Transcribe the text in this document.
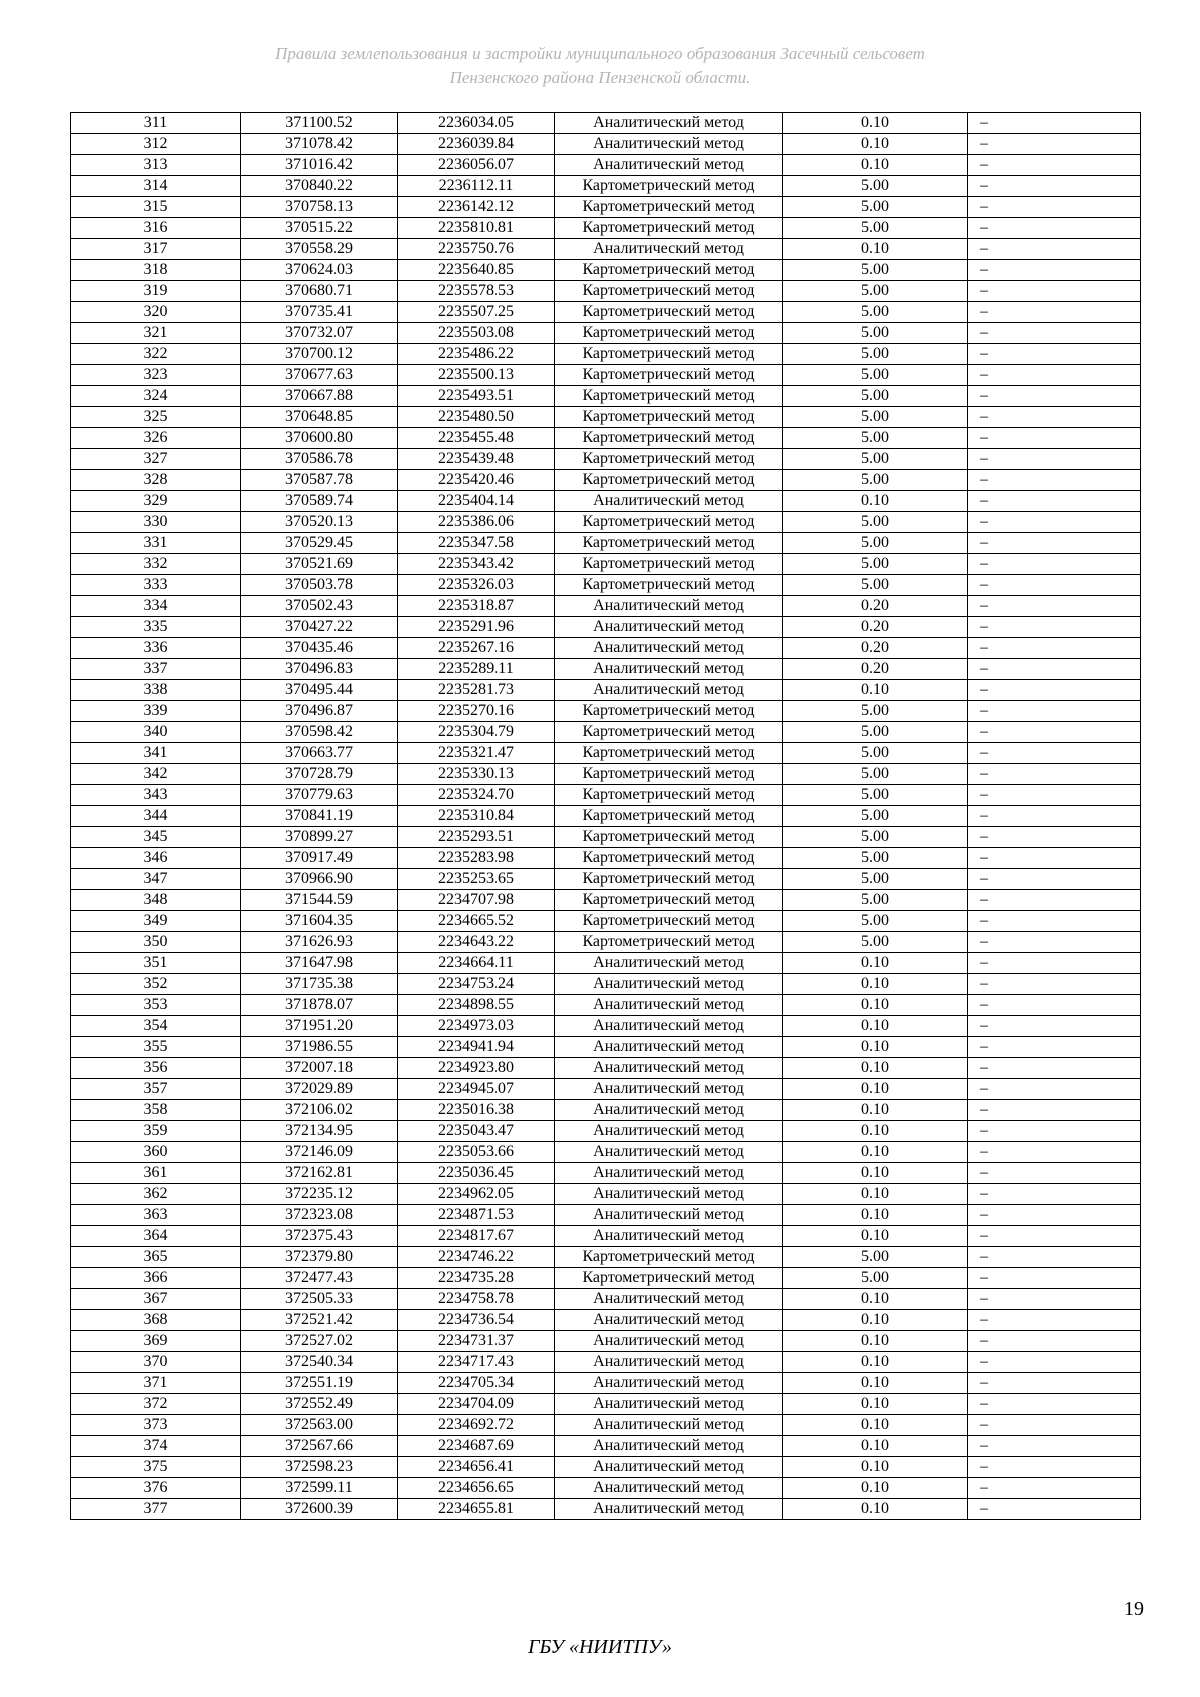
Правила землепользования и застройки муниципального образования Засечный сельсовет
Пензенского района Пензенской области.
311	371100.52	2236034.05	Аналитический метод	0.10	–
312	371078.42	2236039.84	Аналитический метод	0.10	–
313	371016.42	2236056.07	Аналитический метод	0.10	–
314	370840.22	2236112.11	Картометрический метод	5.00	–
315	370758.13	2236142.12	Картометрический метод	5.00	–
316	370515.22	2235810.81	Картометрический метод	5.00	–
317	370558.29	2235750.76	Аналитический метод	0.10	–
318	370624.03	2235640.85	Картометрический метод	5.00	–
319	370680.71	2235578.53	Картометрический метод	5.00	–
320	370735.41	2235507.25	Картометрический метод	5.00	–
321	370732.07	2235503.08	Картометрический метод	5.00	–
322	370700.12	2235486.22	Картометрический метод	5.00	–
323	370677.63	2235500.13	Картометрический метод	5.00	–
324	370667.88	2235493.51	Картометрический метод	5.00	–
325	370648.85	2235480.50	Картометрический метод	5.00	–
326	370600.80	2235455.48	Картометрический метод	5.00	–
327	370586.78	2235439.48	Картометрический метод	5.00	–
328	370587.78	2235420.46	Картометрический метод	5.00	–
329	370589.74	2235404.14	Аналитический метод	0.10	–
330	370520.13	2235386.06	Картометрический метод	5.00	–
331	370529.45	2235347.58	Картометрический метод	5.00	–
332	370521.69	2235343.42	Картометрический метод	5.00	–
333	370503.78	2235326.03	Картометрический метод	5.00	–
334	370502.43	2235318.87	Аналитический метод	0.20	–
335	370427.22	2235291.96	Аналитический метод	0.20	–
336	370435.46	2235267.16	Аналитический метод	0.20	–
337	370496.83	2235289.11	Аналитический метод	0.20	–
338	370495.44	2235281.73	Аналитический метод	0.10	–
339	370496.87	2235270.16	Картометрический метод	5.00	–
340	370598.42	2235304.79	Картометрический метод	5.00	–
341	370663.77	2235321.47	Картометрический метод	5.00	–
342	370728.79	2235330.13	Картометрический метод	5.00	–
343	370779.63	2235324.70	Картометрический метод	5.00	–
344	370841.19	2235310.84	Картометрический метод	5.00	–
345	370899.27	2235293.51	Картометрический метод	5.00	–
346	370917.49	2235283.98	Картометрический метод	5.00	–
347	370966.90	2235253.65	Картометрический метод	5.00	–
348	371544.59	2234707.98	Картометрический метод	5.00	–
349	371604.35	2234665.52	Картометрический метод	5.00	–
350	371626.93	2234643.22	Картометрический метод	5.00	–
351	371647.98	2234664.11	Аналитический метод	0.10	–
352	371735.38	2234753.24	Аналитический метод	0.10	–
353	371878.07	2234898.55	Аналитический метод	0.10	–
354	371951.20	2234973.03	Аналитический метод	0.10	–
355	371986.55	2234941.94	Аналитический метод	0.10	–
356	372007.18	2234923.80	Аналитический метод	0.10	–
357	372029.89	2234945.07	Аналитический метод	0.10	–
358	372106.02	2235016.38	Аналитический метод	0.10	–
359	372134.95	2235043.47	Аналитический метод	0.10	–
360	372146.09	2235053.66	Аналитический метод	0.10	–
361	372162.81	2235036.45	Аналитический метод	0.10	–
362	372235.12	2234962.05	Аналитический метод	0.10	–
363	372323.08	2234871.53	Аналитический метод	0.10	–
364	372375.43	2234817.67	Аналитический метод	0.10	–
365	372379.80	2234746.22	Картометрический метод	5.00	–
366	372477.43	2234735.28	Картометрический метод	5.00	–
367	372505.33	2234758.78	Аналитический метод	0.10	–
368	372521.42	2234736.54	Аналитический метод	0.10	–
369	372527.02	2234731.37	Аналитический метод	0.10	–
370	372540.34	2234717.43	Аналитический метод	0.10	–
371	372551.19	2234705.34	Аналитический метод	0.10	–
372	372552.49	2234704.09	Аналитический метод	0.10	–
373	372563.00	2234692.72	Аналитический метод	0.10	–
374	372567.66	2234687.69	Аналитический метод	0.10	–
375	372598.23	2234656.41	Аналитический метод	0.10	–
376	372599.11	2234656.65	Аналитический метод	0.10	–
377	372600.39	2234655.81	Аналитический метод	0.10	–
19
ГБУ «НИИТПУ»
